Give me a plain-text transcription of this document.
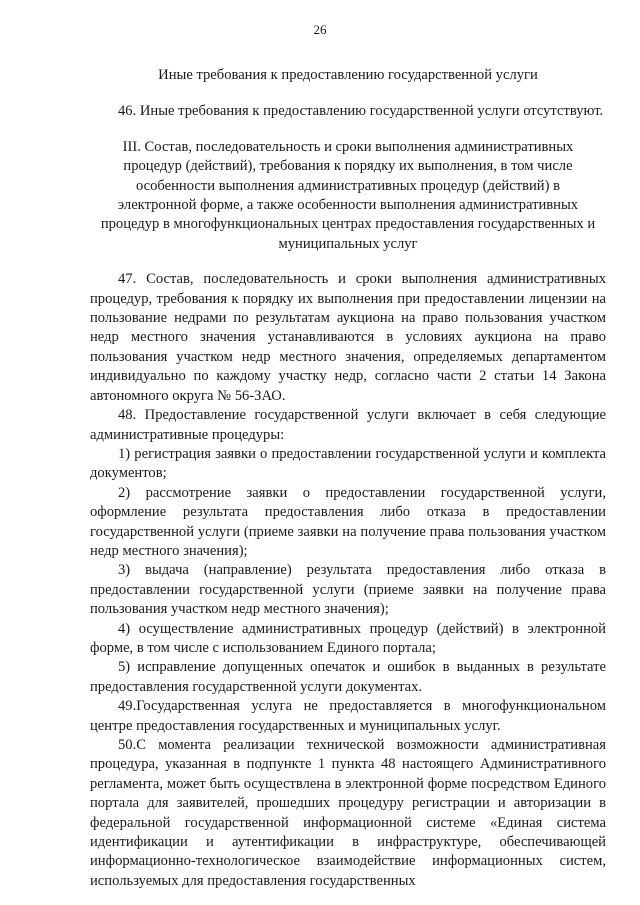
26
Иные требования к предоставлению государственной услуги

46. Иные требования к предоставлению государственной услуги отсутствуют.

III. Состав, последовательность и сроки выполнения административных процедур (действий), требования к порядку их выполнения, в том числе особенности выполнения административных процедур (действий) в электронной форме, а также особенности выполнения административных процедур в многофункциональных центрах предоставления государственных и муниципальных услуг

47. Состав, последовательность и сроки выполнения административных процедур, требования к порядку их выполнения при предоставлении лицензии на пользование недрами по результатам аукциона на право пользования участком недр местного значения устанавливаются в условиях аукциона на право пользования участком недр местного значения, определяемых департаментом индивидуально по каждому участку недр, согласно части 2 статьи 14 Закона автономного округа № 56-ЗАО.

48. Предоставление государственной услуги включает в себя следующие административные процедуры:

1) регистрация заявки о предоставлении государственной услуги и комплекта документов;

2) рассмотрение заявки о предоставлении государственной услуги, оформление результата предоставления либо отказа в предоставлении государственной услуги (приеме заявки на получение права пользования участком недр местного значения);

3) выдача (направление) результата предоставления либо отказа в предоставлении государственной услуги (приеме заявки на получение права пользования участком недр местного значения);

4) осуществление административных процедур (действий) в электронной форме, в том числе с использованием Единого портала;

5) исправление допущенных опечаток и ошибок в выданных в результате предоставления государственной услуги документах.

49.Государственная услуга не предоставляется в многофункциональном центре предоставления государственных и муниципальных услуг.

50.С момента реализации технической возможности административная процедура, указанная в подпункте 1 пункта 48 настоящего Административного регламента, может быть осуществлена в электронной форме посредством Единого портала для заявителей, прошедших процедуру регистрации и авторизации в федеральной государственной информационной системе «Единая система идентификации и аутентификации в инфраструктуре, обеспечивающей информационно-технологическое взаимодействие информационных систем, используемых для предоставления государственных
